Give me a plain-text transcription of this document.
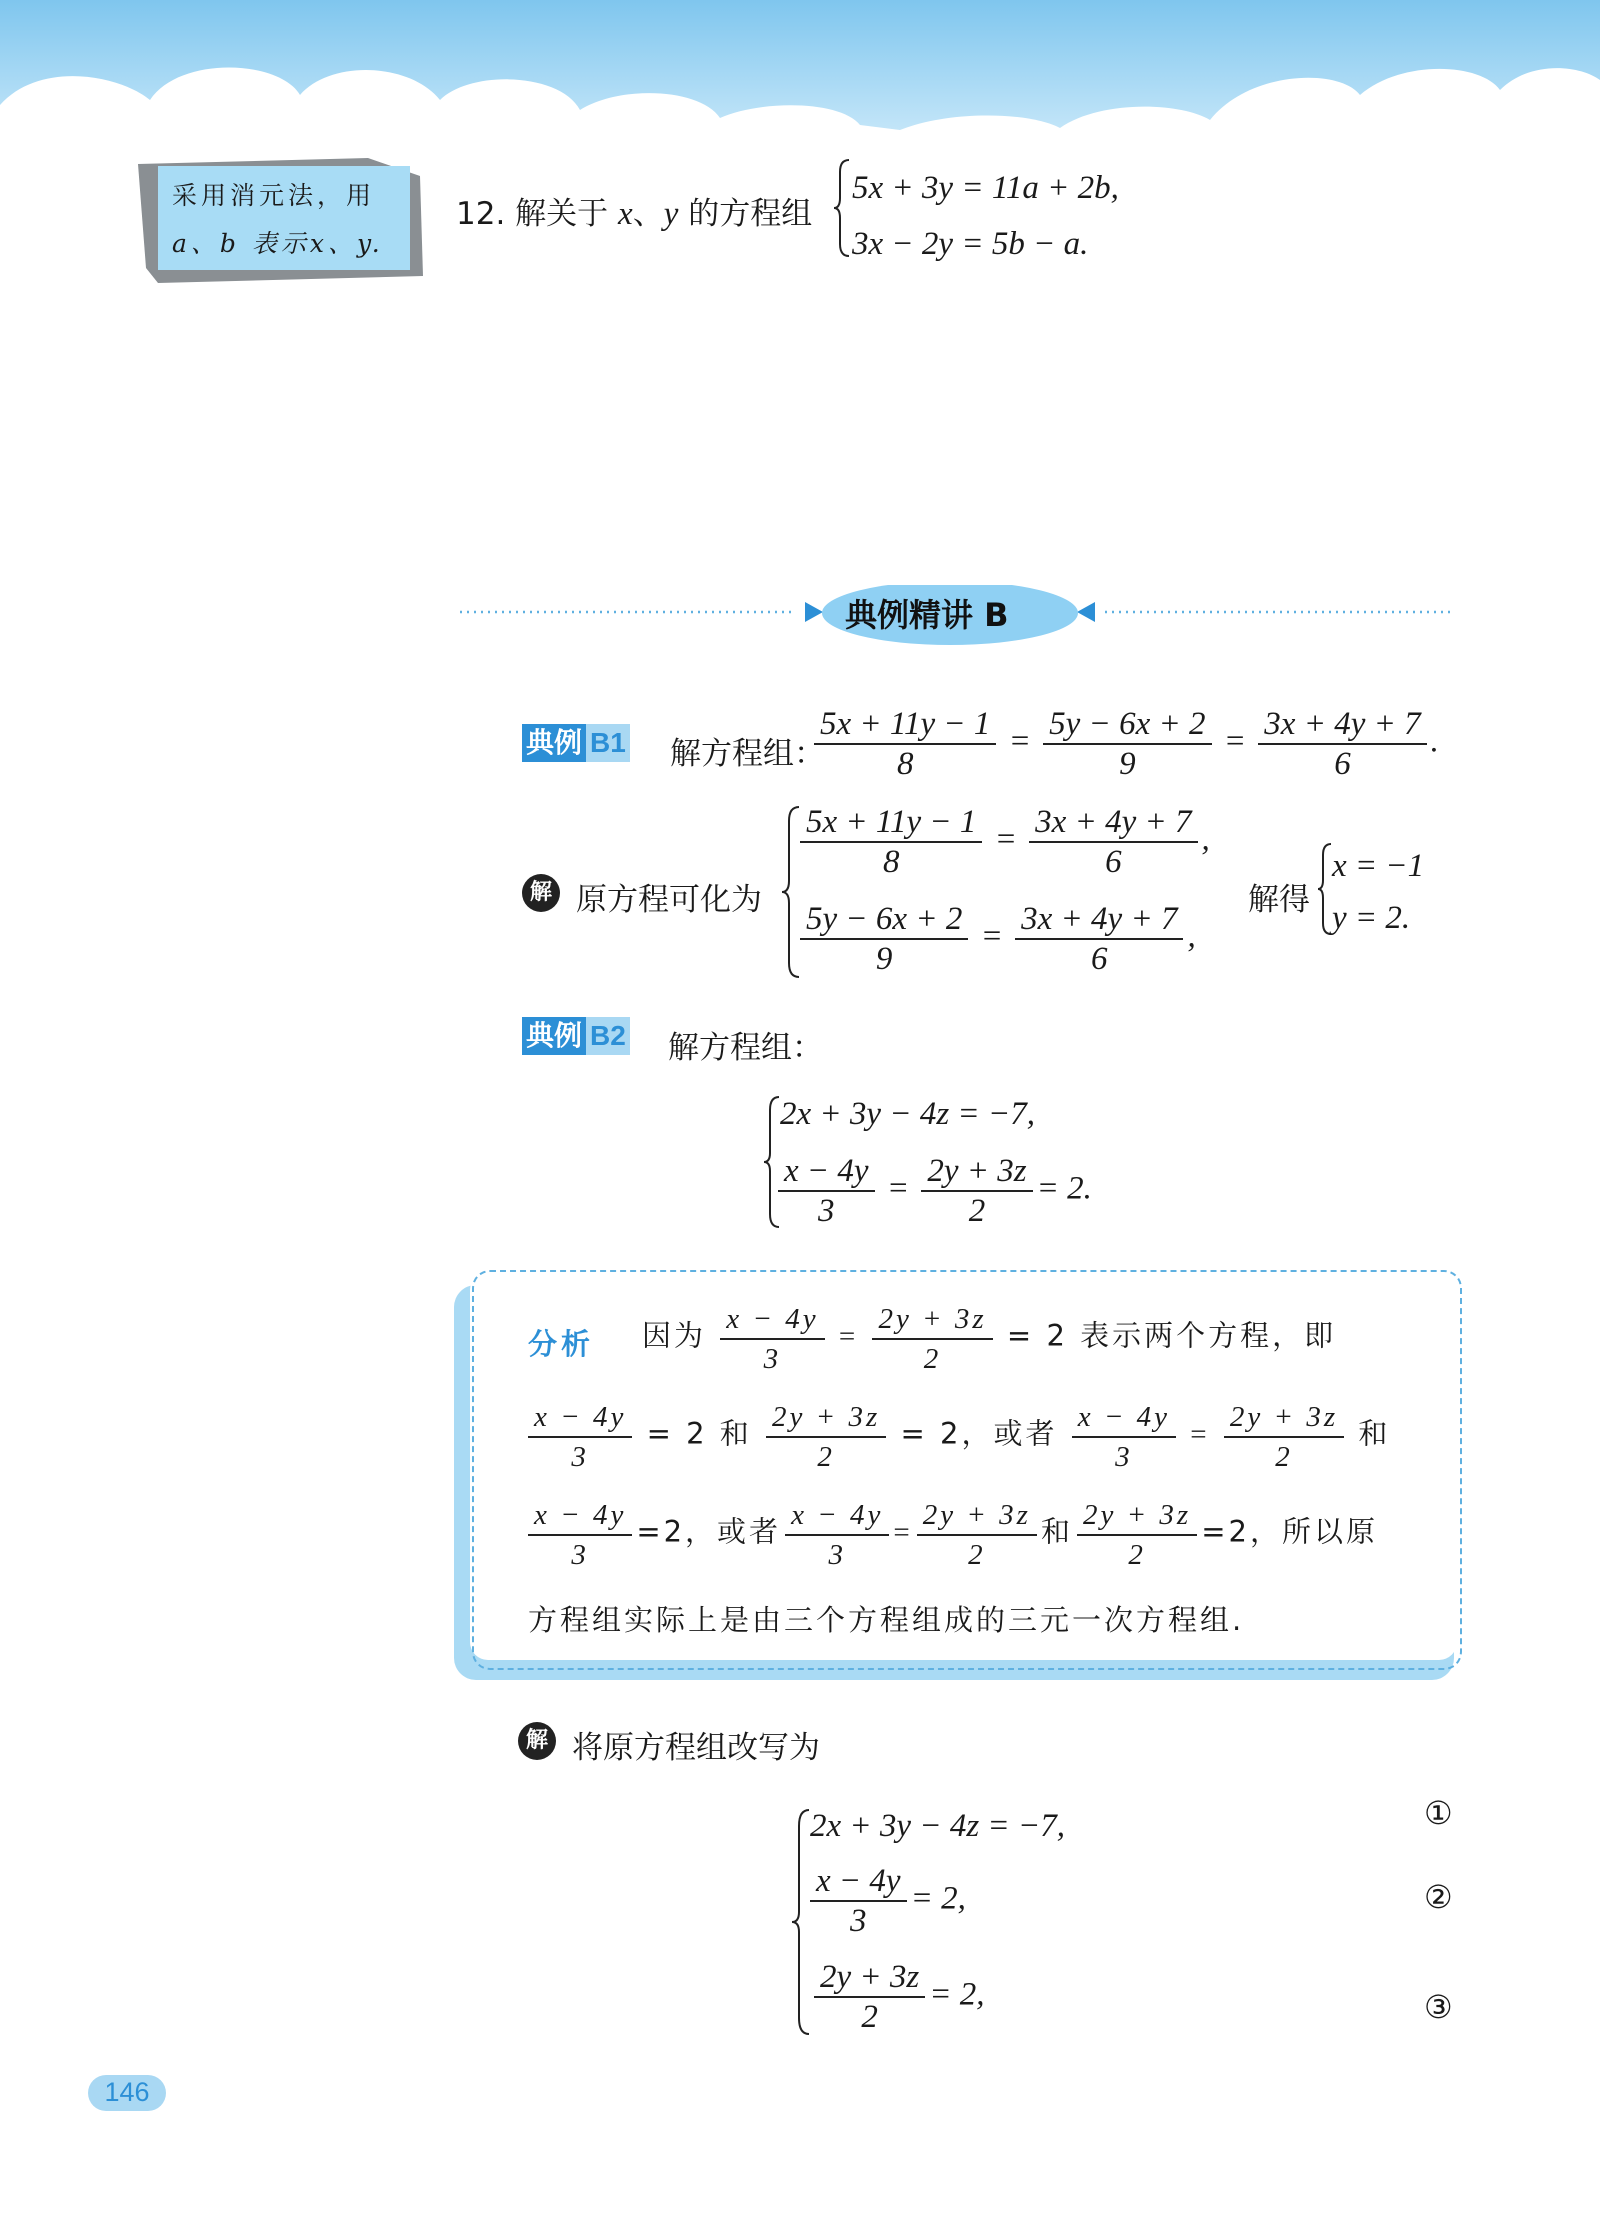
采用消元法，用
a、b 表示x、y.
12. 解关于 x、y 的方程组
5x + 3y = 11a + 2b,
3x − 2y = 5b − a.
典例精讲 B
典例 B1 解方程组：
$\frac{5x + 11y - 1}{8} = \frac{5y - 6x + 2}{9} = \frac{3x + 4y + 7}{6}$ .
解 原方程可化为
$\frac{5x + 11y - 1}{8} = \frac{3x + 4y + 7}{6}$ ,
$\frac{5y - 6x + 2}{9} = \frac{3x + 4y + 7}{6}$ ,
解得
x = −1
y = 2.
典例 B2 解方程组：
2x + 3y − 4z = −7,
$\frac{x - 4y}{3} = \frac{2y + 3z}{2} = 2$.
分析 因为 $\frac{x - 4y}{3} = \frac{2y + 3z}{2} = 2$ 表示两个方程，即
$\frac{x - 4y}{3} = 2$ 和 $\frac{2y + 3z}{2} = 2$，或者 $\frac{x - 4y}{3} = \frac{2y + 3z}{2}$ 和
$\frac{x - 4y}{3} =2$，或者 $\frac{x - 4y}{3} = \frac{2y + 3z}{2}$ 和 $\frac{2y + 3z}{2} =2$，所以原
方程组实际上是由三个方程组成的三元一次方程组.
解 将原方程组改写为
2x + 3y − 4z = −7,
$\frac{x - 4y}{3} = 2$,
$\frac{2y + 3z}{2} = 2$,
①
②
③
146
